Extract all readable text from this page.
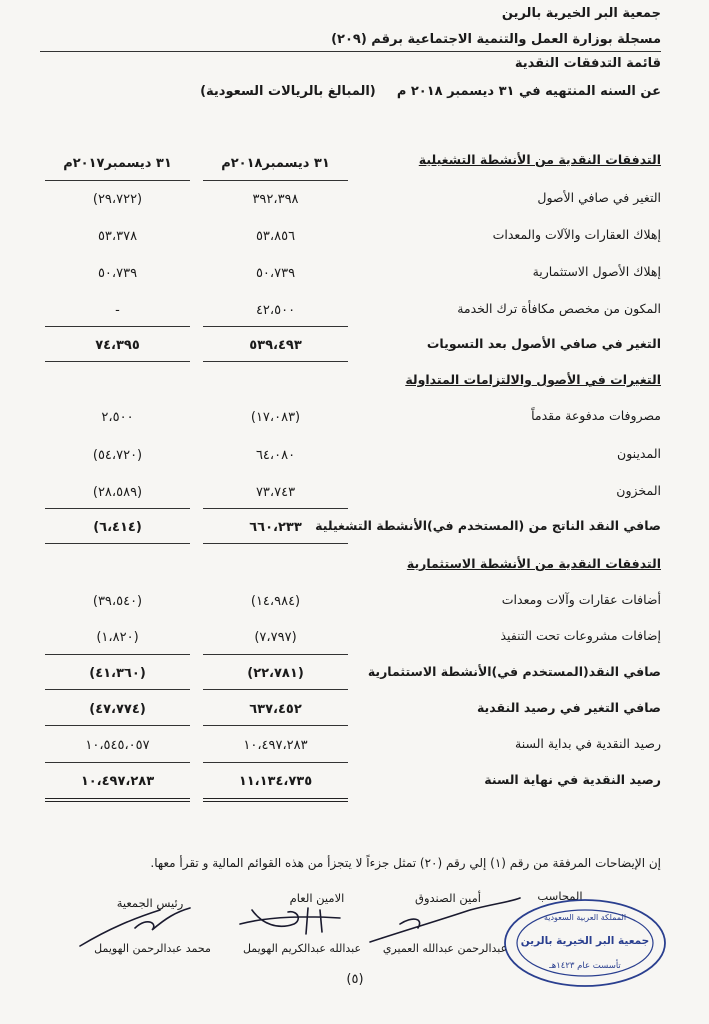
جمعية البر الخيرية بالرين
مسجلة بوزارة العمل والتنمية الاجتماعية برقم (٢٠٩)
قائمة التدفقات النقدية
عن السنه المنتهيه في ٣١ ديسمبر ٢٠١٨ م  (المبالغ بالريالات السعودية)
٣١ ديسمبر٢٠١٨م
٣١ ديسمبر٢٠١٧م	التدفقات النقدية من الأنشطة التشغيلية
التغير في صافي الأصول
٣٩٢،٣٩٨
(٢٩،٧٢٢)
إهلاك العقارات والآلات والمعدات
٥٣،٨٥٦
٥٣،٣٧٨
إهلاك الأصول الاستثمارية
٥٠،٧٣٩
٥٠،٧٣٩
المكون من مخصص مكافأة ترك الخدمة
٤٢،٥٠٠
-
التغير في صافي الأصول بعد التسويات
٥٣٩،٤٩٣
٧٤،٣٩٥
التغيرات في الأصول والالتزامات المتداولة
مصروفات مدفوعة مقدماً
(١٧،٠٨٣)
٢،٥٠٠
المدينون
٦٤،٠٨٠
(٥٤،٧٢٠)
المخزون
٧٣،٧٤٣
(٢٨،٥٨٩)
صافي النقد الناتج من (المستخدم في)الأنشطة التشغيلية
٦٦٠،٢٣٣
(٦،٤١٤)
التدفقات النقدية من الأنشطة الاستثمارية
أضافات عقارات وآلات ومعدات
(١٤،٩٨٤)
(٣٩،٥٤٠)
إضافات مشروعات تحت التنفيذ
(٧،٧٩٧)
(١،٨٢٠)
صافي النقد(المستخدم في)الأنشطة الاستثمارية
(٢٢،٧٨١)
(٤١،٣٦٠)
صافي التغير في رصيد النقدية
٦٣٧،٤٥٢
(٤٧،٧٧٤)
رصيد النقدية في بداية السنة
١٠،٤٩٧،٢٨٣
١٠،٥٤٥،٠٥٧
رصيد النقدية في نهاية السنة
١١،١٣٤،٧٣٥
١٠،٤٩٧،٢٨٣
إن الإيضاحات المرفقة من رقم (١) إلي رقم (٢٠) تمثل جزءاً لا يتجزأ من هذه القوائم المالية و تقرأ معها.
المحاسب
أمين الصندوق
الامين العام
رئيس الجمعية
المملكة العربية السعودية
جمعية البر الخيرية بالرين
تأسست عام ١٤٢٣هـ
عبدالرحمن عبدالله العميري
عبدالله عبدالكريم الهويمل
محمد عبدالرحمن الهويمل
(٥)
